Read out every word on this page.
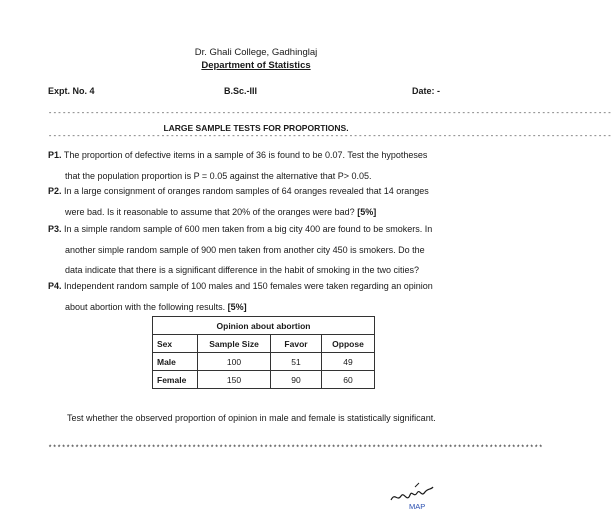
Dr. Ghali College, Gadhinglaj
Department of Statistics
Expt. No. 4	B.Sc.-III	Date: -
------------------------------------------------------------------------------------------------------------------------
LARGE SAMPLE TESTS FOR PROPORTIONS.
------------------------------------------------------------------------------------------------------------------------
P1. The proportion of defective items in a sample of 36 is found to be 0.07. Test the hypotheses
that the population proportion is P = 0.05 against the alternative that P> 0.05.
P2. In a large consignment of oranges random samples of 64 oranges revealed that 14 oranges
were bad. Is it reasonable to assume that 20% of the oranges were bad? [5%]
P3. In a simple random sample of 600 men taken from a big city 400 are found to be smokers. In
another simple random sample of 900 men taken from another city 450 is smokers. Do the
data indicate that there is a significant difference in the habit of smoking in the two cities?
P4. Independent random sample of 100 males and 150 females were taken regarding an opinion
about abortion with the following results. [5%]
Opinion about abortion			
Sex	Sample Size	Favor	Oppose
Male	100	51	49
Female	150	90	60
Test whether the observed proportion of opinion in male and female is statistically significant.
**************************************************************************************************************
MAP
